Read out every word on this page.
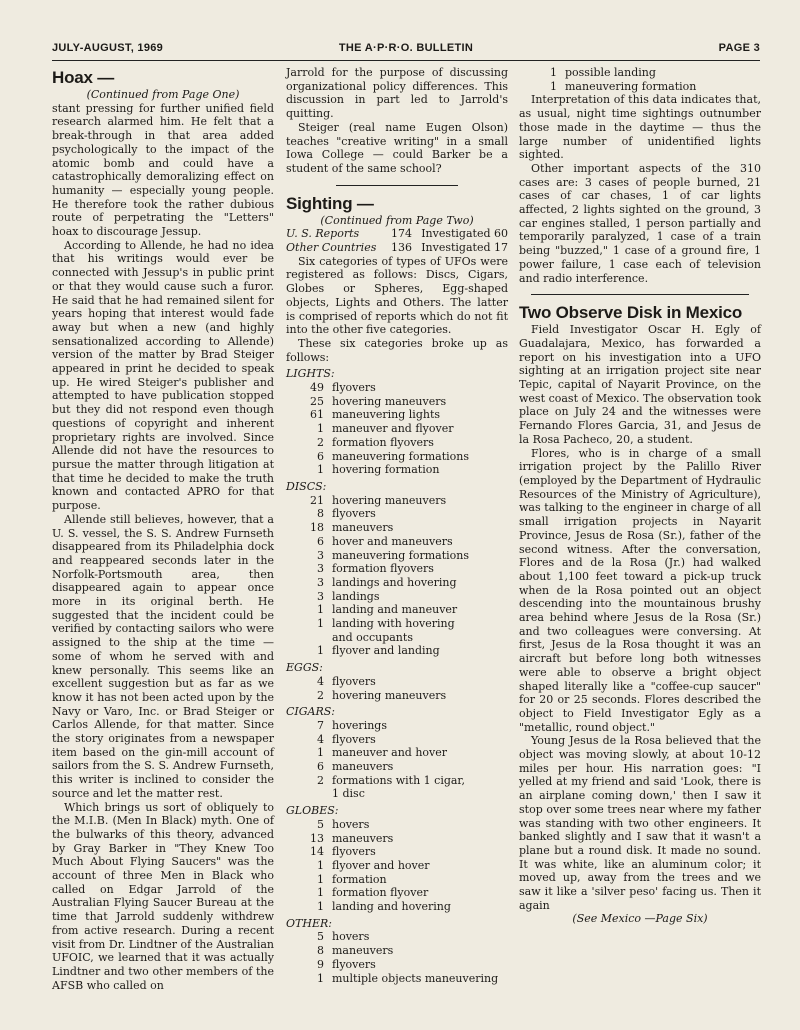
JULY-AUGUST, 1969	THE A·P·R·O. BULLETIN	PAGE 3
Hoax —

(Continued from Page One)

stant pressing for further unified field research alarmed him. He felt that a break-through in that area added psychologically to the impact of the atomic bomb and could have a catastrophically demoralizing effect on humanity — especially young people. He therefore took the rather dubious route of perpetrating the "Letters" hoax to discourage Jessup.

According to Allende, he had no idea that his writings would ever be connected with Jessup's in public print or that they would cause such a furor. He said that he had remained silent for years hoping that interest would fade away but when a new (and highly sensationalized according to Allende) version of the matter by Brad Steiger appeared in print he decided to speak up. He wired Steiger's publisher and attempted to have publication stopped but they did not respond even though questions of copyright and inherent proprietary rights are involved. Since Allende did not have the resources to pursue the matter through litigation at that time he decided to make the truth known and contacted APRO for that purpose.

Allende still believes, however, that a U. S. vessel, the S. S. Andrew Furnseth disappeared from its Philadelphia dock and reappeared seconds later in the Norfolk-Portsmouth area, then disappeared again to appear once more in its original berth. He suggested that the incident could be verified by contacting sailors who were assigned to the ship at the time — some of whom he served with and knew personally. This seems like an excellent suggestion but as far as we know it has not been acted upon by the Navy or Varo, Inc. or Brad Steiger or Carlos Allende, for that matter. Since the story originates from a newspaper item based on the gin-mill account of sailors from the S. S. Andrew Furnseth, this writer is inclined to consider the source and let the matter rest.

Which brings us sort of obliquely to the M.I.B. (Men In Black) myth. One of the bulwarks of this theory, advanced by Gray Barker in "They Knew Too Much About Flying Saucers" was the account of three Men in Black who called on Edgar Jarrold of the Australian Flying Saucer Bureau at the time that Jarrold suddenly withdrew from active research. During a recent visit from Dr. Lindtner of the Australian UFOIC, we learned that it was actually Lindtner and two other members of the AFSB who called on

Jarrold for the purpose of discussing organizational policy differences. This discussion in part led to Jarrold's quitting.

Steiger (real name Eugen Olson) teaches "creative writing" in a small Iowa College — could Barker be a student of the same school?

Sighting —

(Continued from Page Two)

U. S. Reports	174 Investigated 60
Other Countries	136 Investigated 17

Six categories of types of UFOs were registered as follows: Discs, Cigars, Globes or Spheres, Egg-shaped objects, Lights and Others. The latter is comprised of reports which do not fit into the other five categories.

These six categories broke up as follows:

LIGHTS:
49 flyovers
25 hovering maneuvers
61 maneuvering lights
1 maneuver and flyover
2 formation flyovers
6 maneuvering formations
1 hovering formation
DISCS:
21 hovering maneuvers
8 flyovers
18 maneuvers
6 hover and maneuvers
3 maneuvering formations
3 formation flyovers
3 landings and hovering
3 landings
1 landing and maneuver
1 landing with hovering
and occupants
1 flyover and landing
EGGS:
4 flyovers
2 hovering maneuvers
CIGARS:
7 hoverings
4 flyovers
1 maneuver and hover
6 maneuvers
2 formations with 1 cigar,
1 disc
GLOBES:
5 hovers
13 maneuvers
14 flyovers
1 flyover and hover
1 formation
1 formation flyover
1 landing and hovering
OTHER:
5 hovers
8 maneuvers
9 flyovers
1 multiple objects maneuvering
1 possible landing
1 maneuvering formation

Interpretation of this data indicates that, as usual, night time sightings outnumber those made in the daytime — thus the large number of unidentified lights sighted.

Other important aspects of the 310 cases are: 3 cases of people burned, 21 cases of car chases, 1 of car lights affected, 2 lights sighted on the ground, 3 car engines stalled, 1 person partially and temporarily paralyzed, 1 case of a train being "buzzed," 1 case of a ground fire, 1 power failure, 1 case each of television and radio interference.

Two Observe Disk in Mexico

Field Investigator Oscar H. Egly of Guadalajara, Mexico, has forwarded a report on his investigation into a UFO sighting at an irrigation project site near Tepic, capital of Nayarit Province, on the west coast of Mexico. The observation took place on July 24 and the witnesses were Fernando Flores Garcia, 31, and Jesus de la Rosa Pacheco, 20, a student.

Flores, who is in charge of a small irrigation project by the Palillo River (employed by the Department of Hydraulic Resources of the Ministry of Agriculture), was talking to the engineer in charge of all small irrigation projects in Nayarit Province, Jesus de Rosa (Sr.), father of the second witness. After the conversation, Flores and de la Rosa (Jr.) had walked about 1,100 feet toward a pick-up truck when de la Rosa pointed out an object descending into the mountainous brushy area behind where Jesus de la Rosa (Sr.) and two colleagues were conversing. At first, Jesus de la Rosa thought it was an aircraft but before long both witnesses were able to observe a bright object shaped literally like a "coffee-cup saucer" for 20 or 25 seconds. Flores described the object to Field Investigator Egly as a "metallic, round object."

Young Jesus de la Rosa believed that the object was moving slowly, at about 10-12 miles per hour. His narration goes: "I yelled at my friend and said 'Look, there is an airplane coming down,' then I saw it stop over some trees near where my father was standing with two other engineers. It banked slightly and I saw that it wasn't a plane but a round disk. It made no sound. It was white, like an aluminum color; it moved up, away from the trees and we saw it like a 'silver peso' facing us. Then it again

(See Mexico —Page Six)
